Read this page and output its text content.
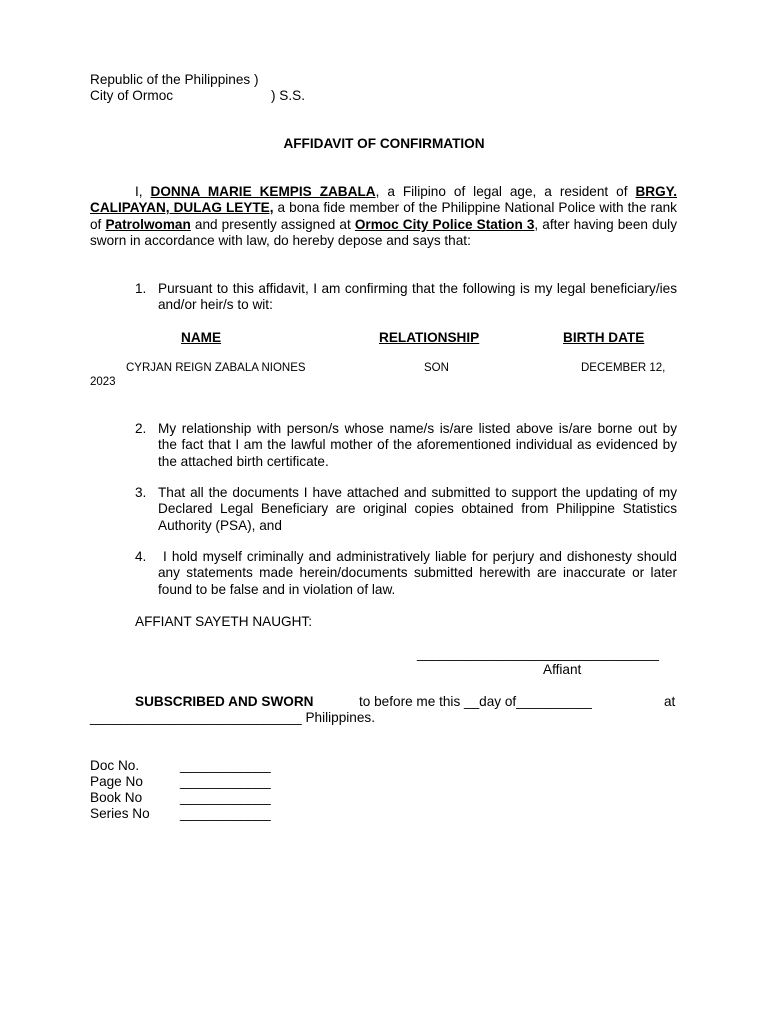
Republic of the Philippines )
City of Ormoc	) S.S.
AFFIDAVIT OF CONFIRMATION
I, DONNA MARIE KEMPIS ZABALA, a Filipino of legal age, a resident of BRGY. CALIPAYAN, DULAG LEYTE, a bona fide member of the Philippine National Police with the rank of Patrolwoman and presently assigned at Ormoc City Police Station 3, after having been duly sworn in accordance with law, do hereby depose and says that:
1. Pursuant to this affidavit, I am confirming that the following is my legal beneficiary/ies and/or heir/s to wit:
NAME	RELATIONSHIP	BIRTH DATE
CYRJAN REIGN ZABALA NIONES	SON	DECEMBER 12,
2023
2. My relationship with person/s whose name/s is/are listed above is/are borne out by the fact that I am the lawful mother of the aforementioned individual as evidenced by the attached birth certificate.
3. That all the documents I have attached and submitted to support the updating of my Declared Legal Beneficiary are original copies obtained from Philippine Statistics Authority (PSA), and
4. I hold myself criminally and administratively liable for perjury and dishonesty should any statements made herein/documents submitted herewith are inaccurate or later found to be false and in violation of law.
AFFIANT SAYETH NAUGHT:
________________________________
Affiant
SUBSCRIBED AND SWORN	to before me this __day of__________	at
____________________________ Philippines.
Doc No.	____________
Page No	____________
Book No	____________
Series No ____________
